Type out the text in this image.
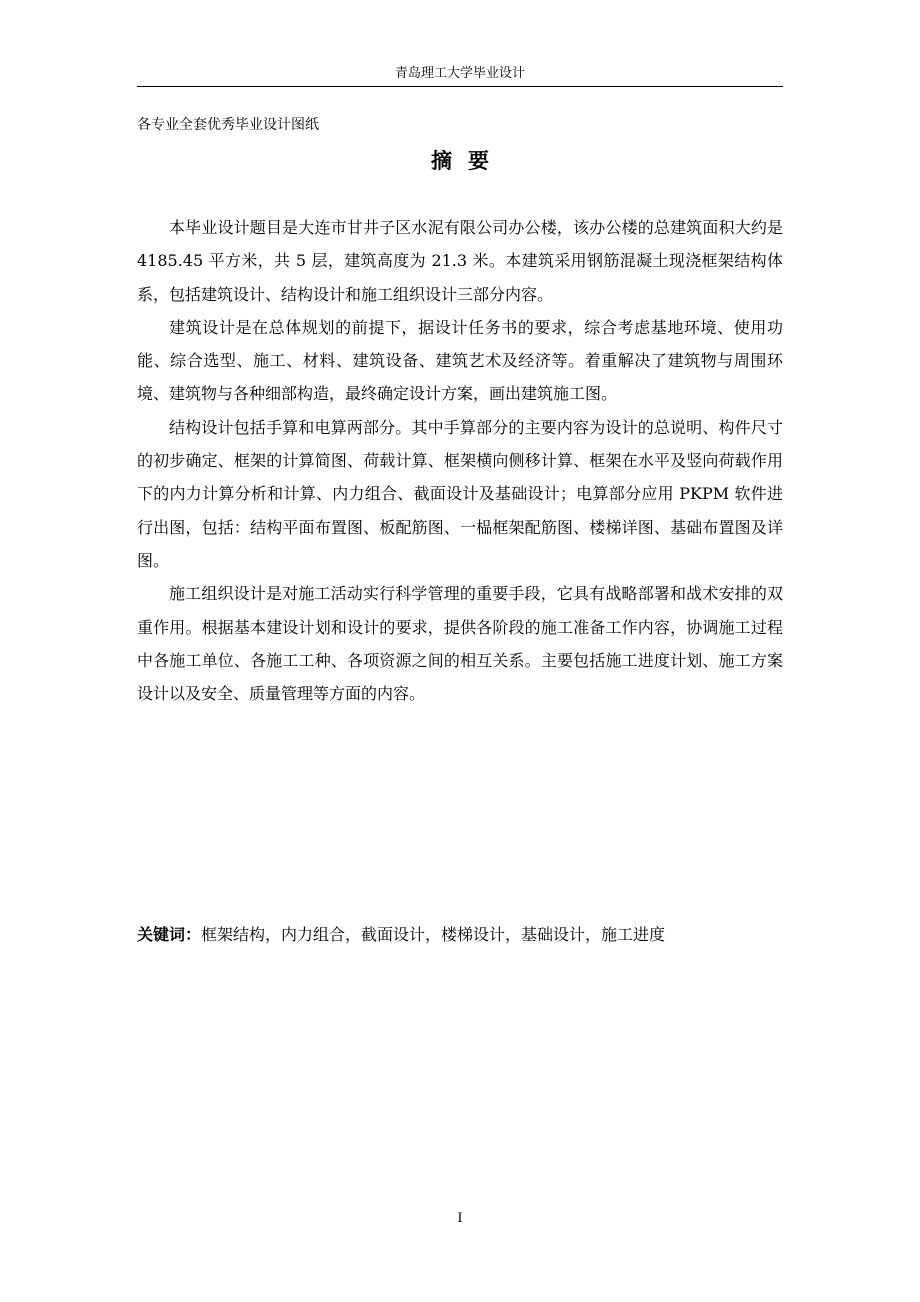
青岛理工大学毕业设计
各专业全套优秀毕业设计图纸
摘要

本毕业设计题目是大连市甘井子区水泥有限公司办公楼，该办公楼的总建筑面积大约是 4185.45 平方米，共 5 层，建筑高度为 21.3 米。本建筑采用钢筋混凝土现浇框架结构体系，包括建筑设计、结构设计和施工组织设计三部分内容。

建筑设计是在总体规划的前提下，据设计任务书的要求，综合考虑基地环境、使用功能、综合选型、施工、材料、建筑设备、建筑艺术及经济等。着重解决了建筑物与周围环境、建筑物与各种细部构造，最终确定设计方案，画出建筑施工图。

结构设计包括手算和电算两部分。其中手算部分的主要内容为设计的总说明、构件尺寸的初步确定、框架的计算简图、荷载计算、框架横向侧移计算、框架在水平及竖向荷载作用下的内力计算分析和计算、内力组合、截面设计及基础设计；电算部分应用 PKPM 软件进行出图，包括：结构平面布置图、板配筋图、一榀框架配筋图、楼梯详图、基础布置图及详图。

施工组织设计是对施工活动实行科学管理的重要手段，它具有战略部署和战术安排的双重作用。根据基本建设计划和设计的要求，提供各阶段的施工准备工作内容，协调施工过程中各施工单位、各施工工种、各项资源之间的相互关系。主要包括施工进度计划、施工方案设计以及安全、质量管理等方面的内容。

关键词：框架结构，内力组合，截面设计，楼梯设计，基础设计，施工进度
I
